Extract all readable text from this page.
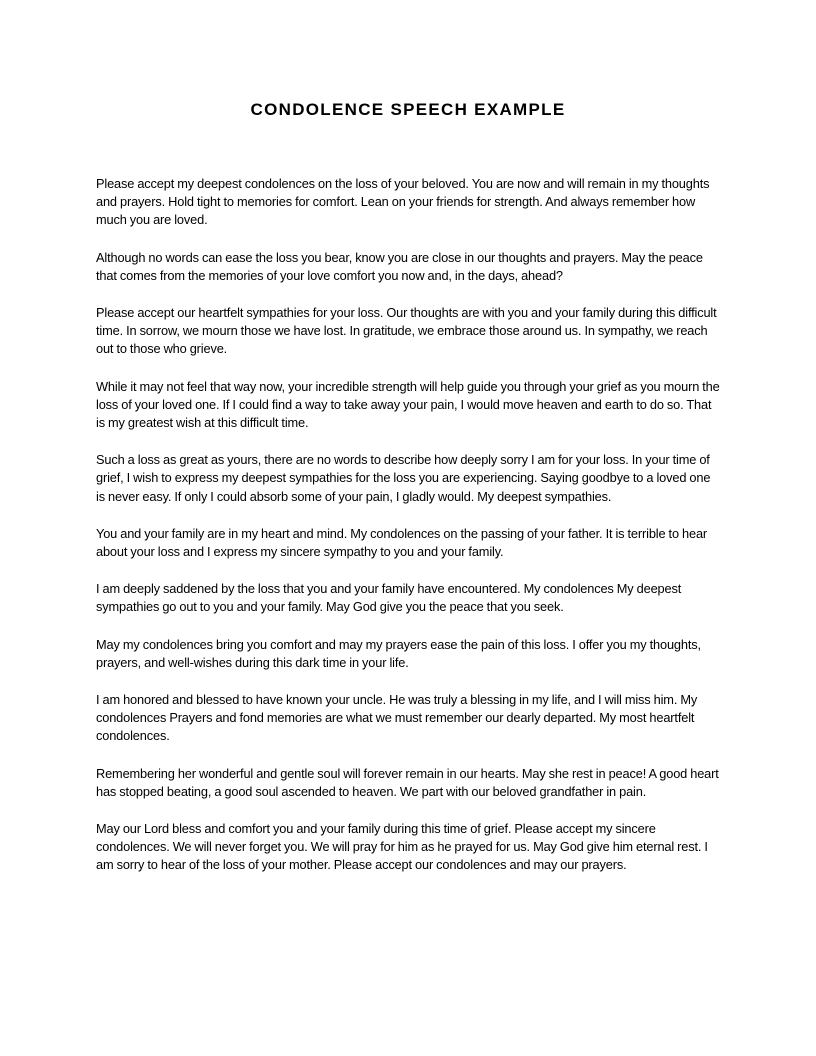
CONDOLENCE SPEECH EXAMPLE

Please accept my deepest condolences on the loss of your beloved. You are now and will remain in my thoughts and prayers. Hold tight to memories for comfort. Lean on your friends for strength. And always remember how much you are loved.

Although no words can ease the loss you bear, know you are close in our thoughts and prayers. May the peace that comes from the memories of your love comfort you now and, in the days, ahead?

Please accept our heartfelt sympathies for your loss. Our thoughts are with you and your family during this difficult time. In sorrow, we mourn those we have lost. In gratitude, we embrace those around us. In sympathy, we reach out to those who grieve.

While it may not feel that way now, your incredible strength will help guide you through your grief as you mourn the loss of your loved one. If I could find a way to take away your pain, I would move heaven and earth to do so. That is my greatest wish at this difficult time.

Such a loss as great as yours, there are no words to describe how deeply sorry I am for your loss. In your time of grief, I wish to express my deepest sympathies for the loss you are experiencing. Saying goodbye to a loved one is never easy. If only I could absorb some of your pain, I gladly would. My deepest sympathies.

You and your family are in my heart and mind. My condolences on the passing of your father. It is terrible to hear about your loss and I express my sincere sympathy to you and your family.

I am deeply saddened by the loss that you and your family have encountered. My condolences My deepest sympathies go out to you and your family. May God give you the peace that you seek.

May my condolences bring you comfort and may my prayers ease the pain of this loss. I offer you my thoughts, prayers, and well-wishes during this dark time in your life.

I am honored and blessed to have known your uncle. He was truly a blessing in my life, and I will miss him. My condolences Prayers and fond memories are what we must remember our dearly departed. My most heartfelt condolences.

Remembering her wonderful and gentle soul will forever remain in our hearts. May she rest in peace! A good heart has stopped beating, a good soul ascended to heaven. We part with our beloved grandfather in pain.

May our Lord bless and comfort you and your family during this time of grief. Please accept my sincere condolences. We will never forget you. We will pray for him as he prayed for us. May God give him eternal rest. I am sorry to hear of the loss of your mother. Please accept our condolences and may our prayers.
